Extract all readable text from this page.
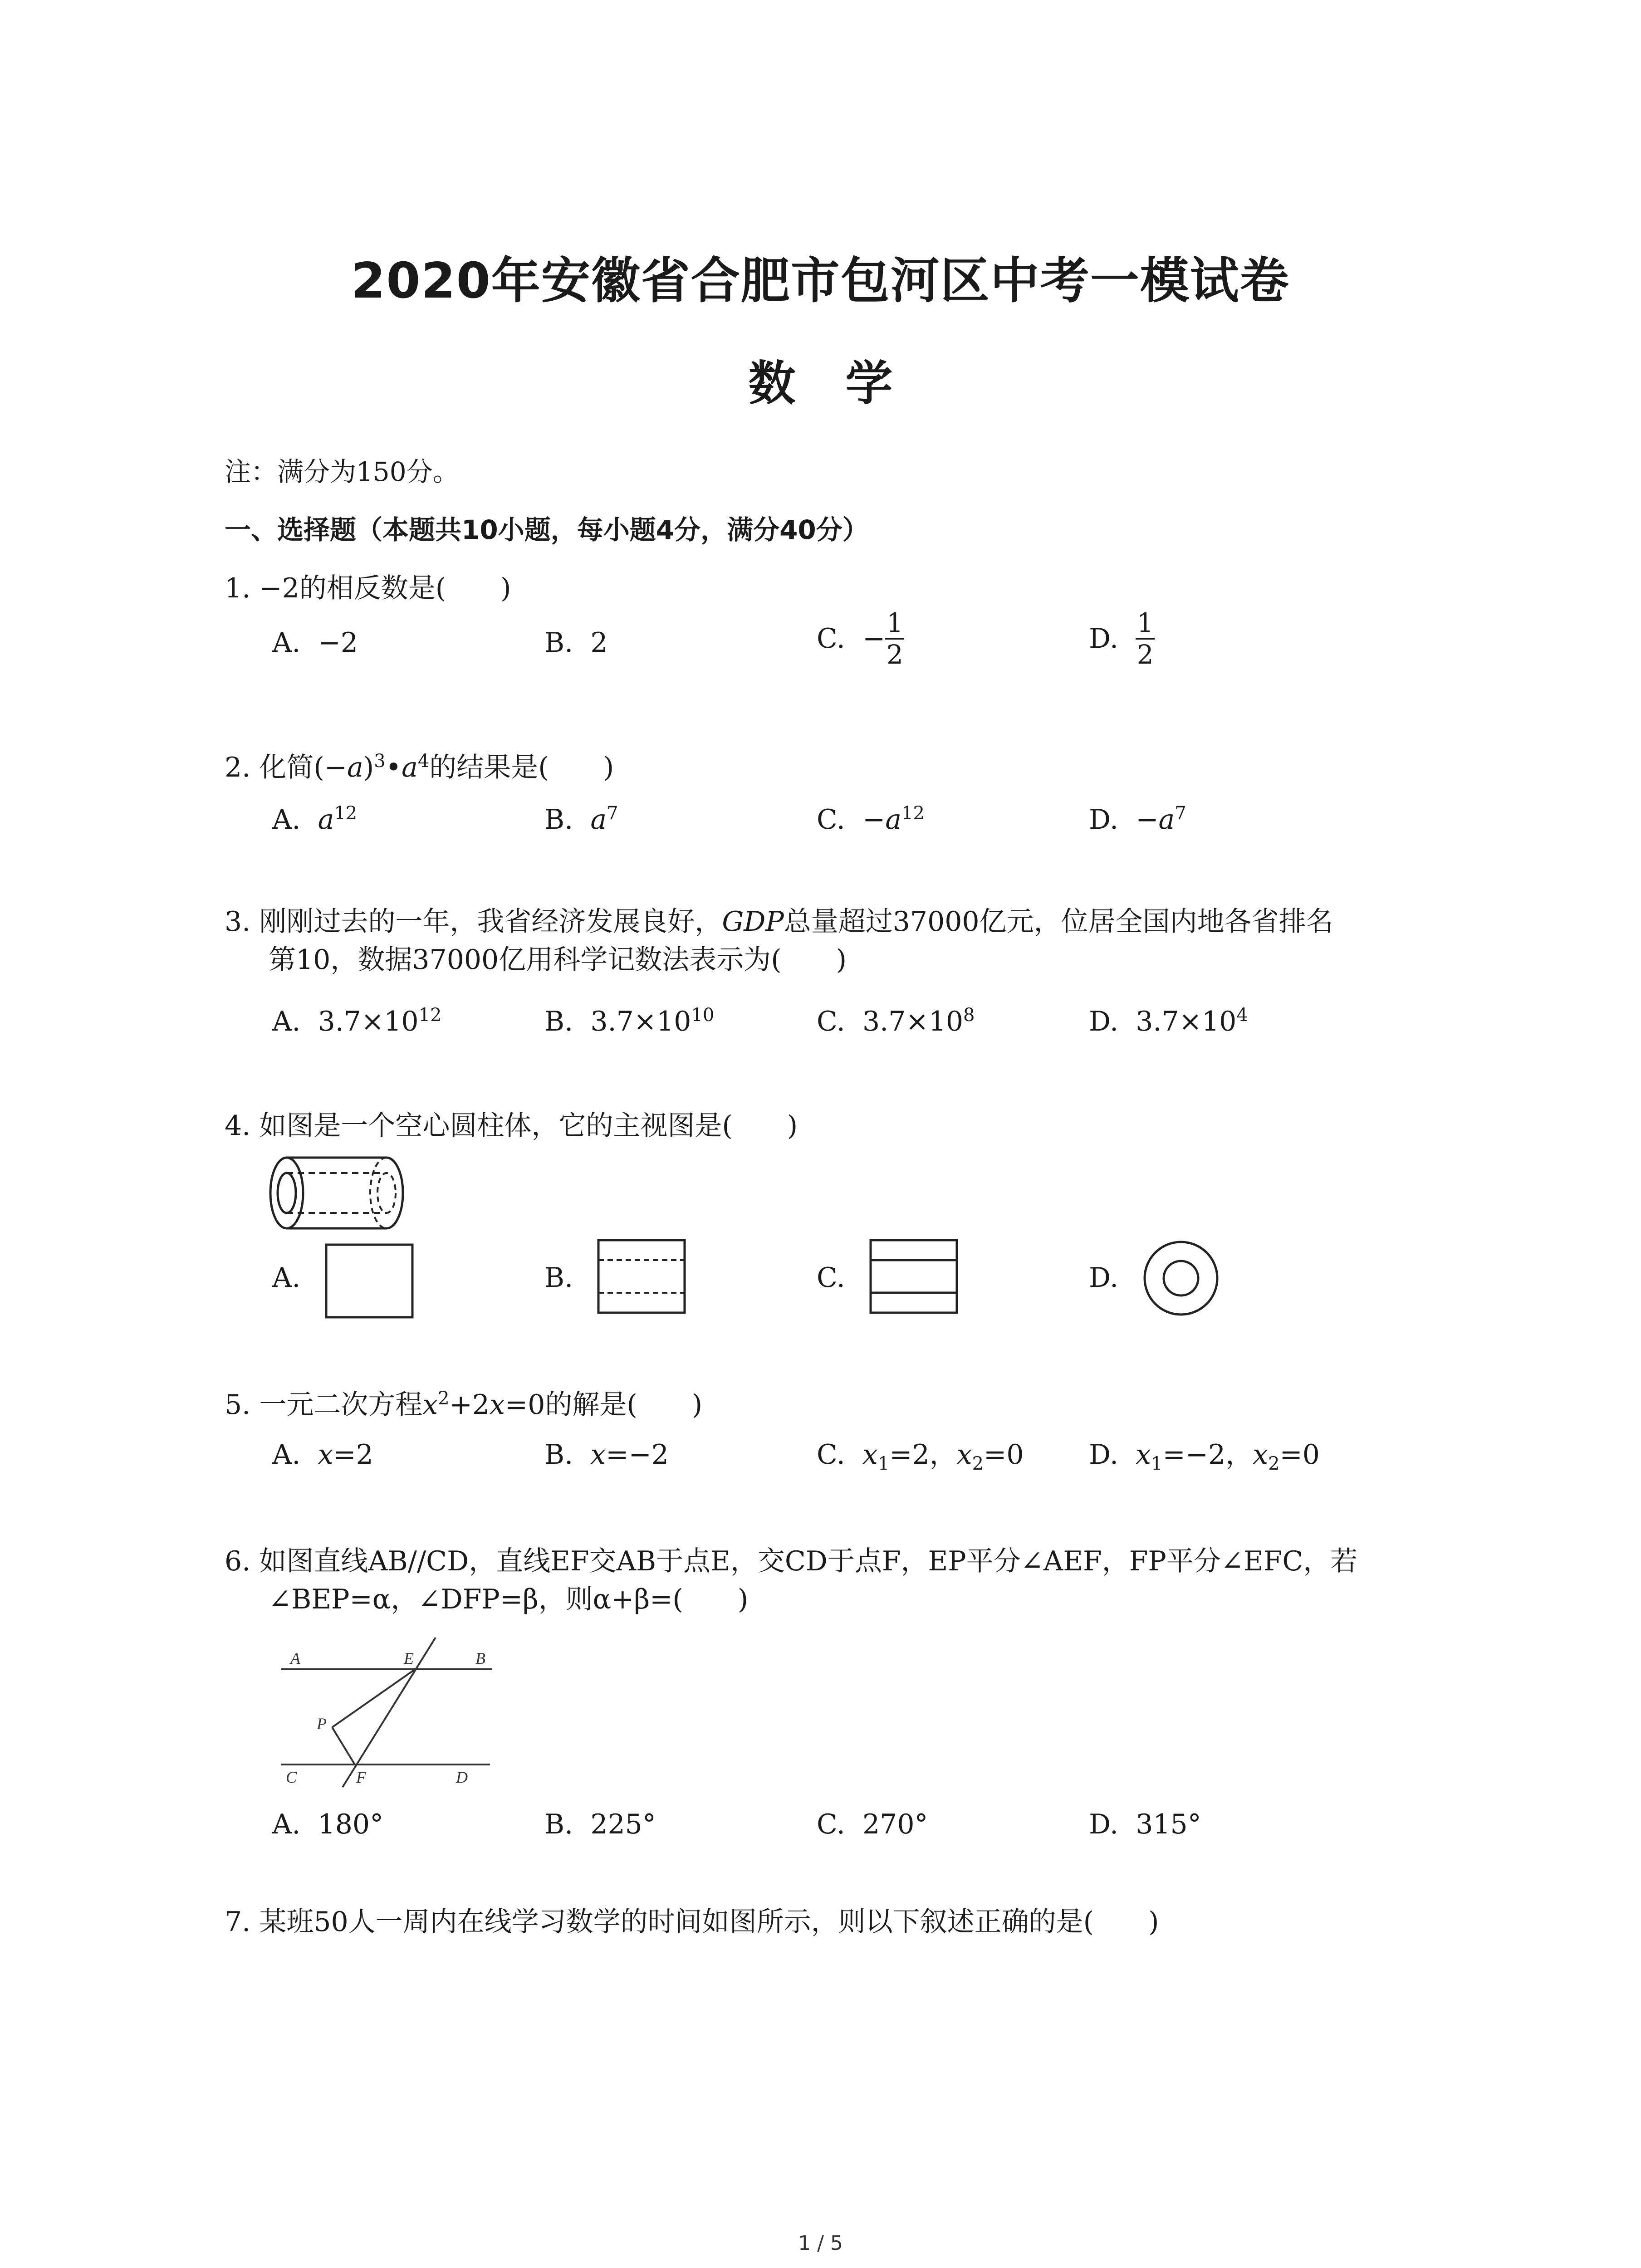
2020年安徽省合肥市包河区中考一模试卷
数 学
注：满分为150分。
一、选择题（本题共10小题，每小题4分，满分40分）
1. −2的相反数是(　　)
A. −2	B. 2	C. − $\frac{1}{2}$	D. $\frac{1}{2}$
2. 化简$(-a)^3•a^4$的结果是(　　)
A. $a^{12}$	B. $a^7$	C. $-a^{12}$	D. $-a^7$
3. 刚刚过去的一年，我省经济发展良好，GDP总量超过37000亿元，位居全国内地各省排名
第10，数据37000亿用科学记数法表示为(　　)
A. $3.7\times 10^{12}$	B. $3.7\times 10^{10}$	C. $3.7\times 10^8$	D. $3.7\times 10^4$
4. 如图是一个空心圆柱体，它的主视图是(　　)
A.	B.	C.	D.
5. 一元二次方程$x^2+2x=0$的解是(　　)
A. x=2	B. x=−2	C. $x_1=2$，$x_2=0$ D. $x_1=-2$，$x_2=0$
6. 如图直线AB//CD，直线EF交AB于点E，交CD于点F，EP平分∠AEF，FP平分∠EFC，若
∠BEP=α，∠DFP=β，则α+β=(　　)
A	E	B
P
C	F	D
A. 180°	B. 225°	C. 270°	D. 315°
7. 某班50人一周内在线学习数学的时间如图所示，则以下叙述正确的是(　　)
1 / 5
